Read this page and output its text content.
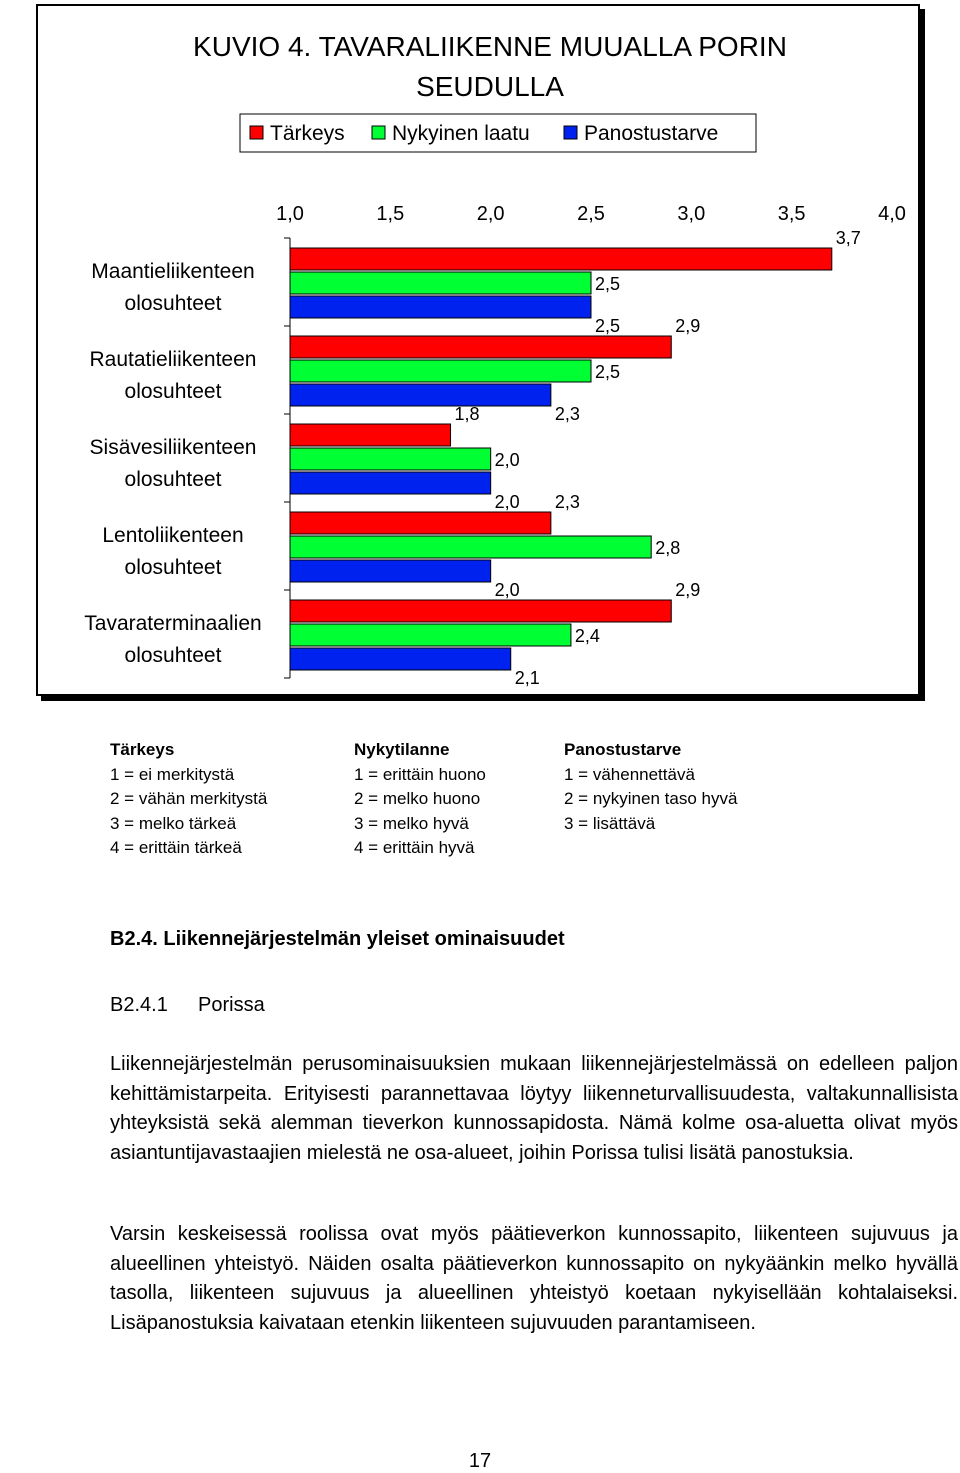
KUVIO 4. TAVARALIIKENNE MUUALLA PORIN
SEUDULLA
Tärkeys Nykyinen laatu	Panostustarve
1,0	1,5	2,0	2,5	3,0	3,5	4,0
Maantieliikenteen
olosuhteet
3,7
2,5
2,5
Rautatieliikenteen
olosuhteet
2,9
2,5
2,3
Sisävesiliikenteen
olosuhteet
1,8
2,0
2,0
Lentoliikenteen
olosuhteet
2,3
2,8
2,0
Tavaraterminaalien
olosuhteet
2,9
2,4
2,1
Tärkeys
1 = ei merkitystä
2 = vähän merkitystä
3 = melko tärkeä
4 = erittäin tärkeä
Nykytilanne
1 = erittäin huono
2 = melko huono
3 = melko hyvä
4 = erittäin hyvä
Panostustarve
1 = vähennettävä
2 = nykyinen taso hyvä
3 = lisättävä
B2.4. Liikennejärjestelmän yleiset ominaisuudet
B2.4.1 Porissa

Liikennejärjestelmän perusominaisuuksien mukaan liikennejärjestelmässä on edelleen paljon kehittämistarpeita. Erityisesti parannettavaa löytyy liikenneturvallisuudesta, valtakunnallisista yhteyksistä sekä alemman tieverkon kunnossapidosta. Nämä kolme osa-aluetta olivat myös asiantuntijavastaajien mielestä ne osa-alueet, joihin Porissa tulisi lisätä panostuksia.

Varsin keskeisessä roolissa ovat myös päätieverkon kunnossapito, liikenteen sujuvuus ja alueellinen yhteistyö. Näiden osalta päätieverkon kunnossapito on nykyäänkin melko hyvällä tasolla, liikenteen sujuvuus ja alueellinen yhteistyö koetaan nykyisellään kohtalaiseksi. Lisäpanostuksia kaivataan etenkin liikenteen sujuvuuden parantamiseen.

17
